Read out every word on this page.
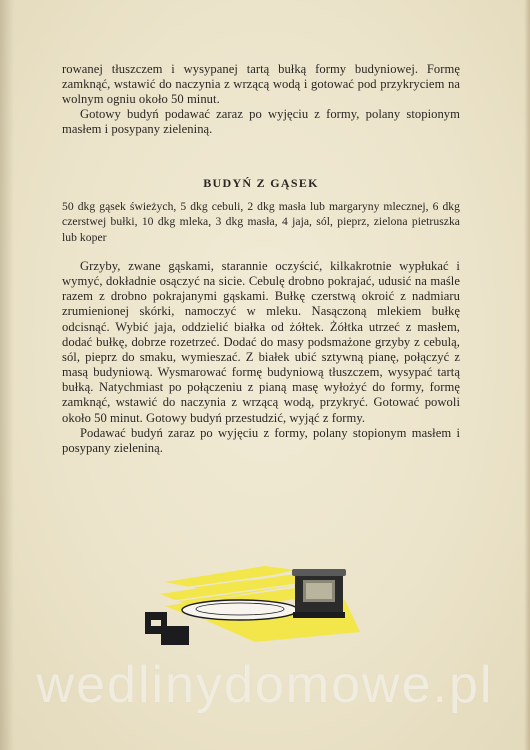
rowanej tłuszczem i wysypanej tartą bułką formy budyniowej. Formę zamknąć, wstawić do naczynia z wrzącą wodą i gotować pod przykryciem na wolnym ogniu około 50 minut.

Gotowy budyń podawać zaraz po wyjęciu z formy, polany stopionym masłem i posypany zieleniną.

BUDYŃ Z GĄSEK

50 dkg gąsek świeżych, 5 dkg cebuli, 2 dkg masła lub margaryny mlecznej, 6 dkg czerstwej bułki, 10 dkg mleka, 3 dkg masła, 4 jaja, sól, pieprz, zielona pietruszka lub koper

Grzyby, zwane gąskami, starannie oczyścić, kilkakrotnie wypłukać i wymyć, dokładnie osączyć na sicie. Cebulę drobno pokrajać, udusić na maśle razem z drobno pokrajanymi gąskami. Bułkę czerstwą okroić z nadmiaru zrumienionej skórki, namoczyć w mleku. Nasączoną mlekiem bułkę odcisnąć. Wybić jaja, oddzielić białka od żółtek. Żółtka utrzeć z masłem, dodać bułkę, dobrze rozetrzeć. Dodać do masy podsmażone grzyby z cebulą, sól, pieprz do smaku, wymieszać. Z białek ubić sztywną pianę, połączyć z masą budyniową. Wysmarować formę budyniową tłuszczem, wysypać tartą bułką. Natychmiast po połączeniu z pianą masę wyłożyć do formy, formę zamknąć, wstawić do naczynia z wrzącą wodą, przykryć. Gotować powoli około 50 minut. Gotowy budyń przestudzić, wyjąć z formy.

Podawać budyń zaraz po wyjęciu z formy, polany stopionym masłem i posypany zieleniną.

wedlinydomowe.pl
